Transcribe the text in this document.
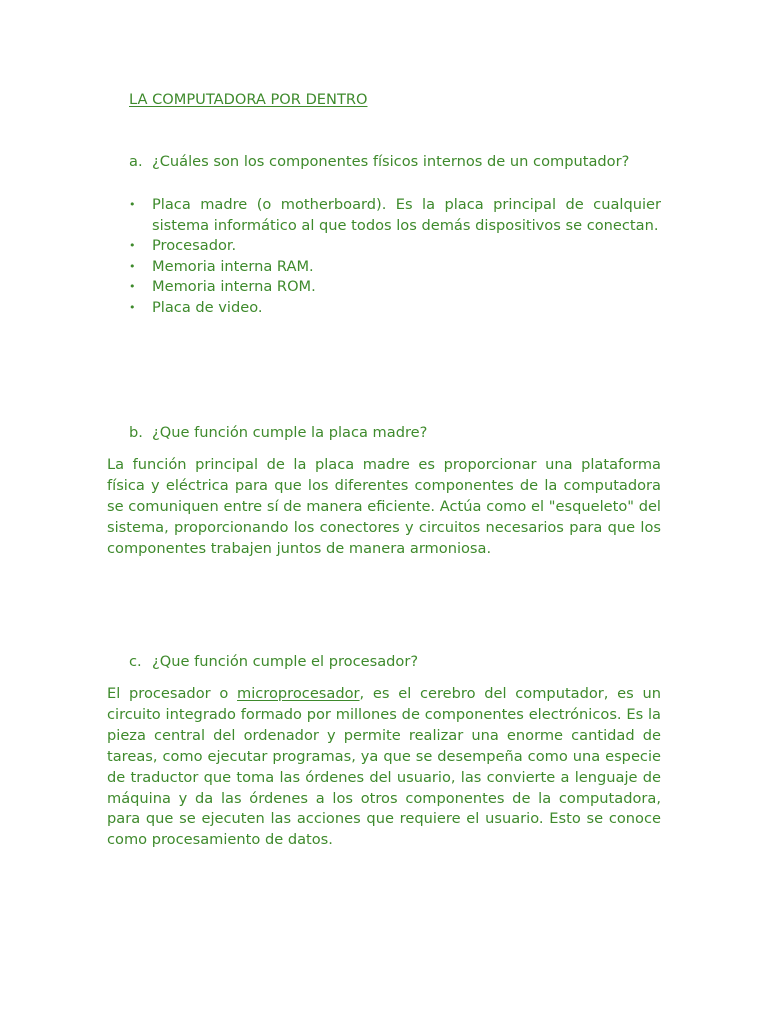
LA COMPUTADORA POR DENTRO
a. ¿Cuáles son los componentes físicos internos de un computador?
• Placa madre (o motherboard). Es la placa principal de cualquier sistema informático al que todos los demás dispositivos se conectan.
• Procesador.
• Memoria interna RAM.
• Memoria interna ROM.
• Placa de video.
b. ¿Que función cumple la placa madre?

La función principal de la placa madre es proporcionar una plataforma física y eléctrica para que los diferentes componentes de la computadora se comuniquen entre sí de manera eficiente. Actúa como el "esqueleto" del sistema, proporcionando los conectores y circuitos necesarios para que los componentes trabajen juntos de manera armoniosa.

c. ¿Que función cumple el procesador?

El procesador o microprocesador, es el cerebro del computador, es un circuito integrado formado por millones de componentes electrónicos. Es la pieza central del ordenador y permite realizar una enorme cantidad de tareas, como ejecutar programas, ya que se desempeña como una especie de traductor que toma las órdenes del usuario, las convierte a lenguaje de máquina y da las órdenes a los otros componentes de la computadora, para que se ejecuten las acciones que requiere el usuario. Esto se conoce como procesamiento de datos.
